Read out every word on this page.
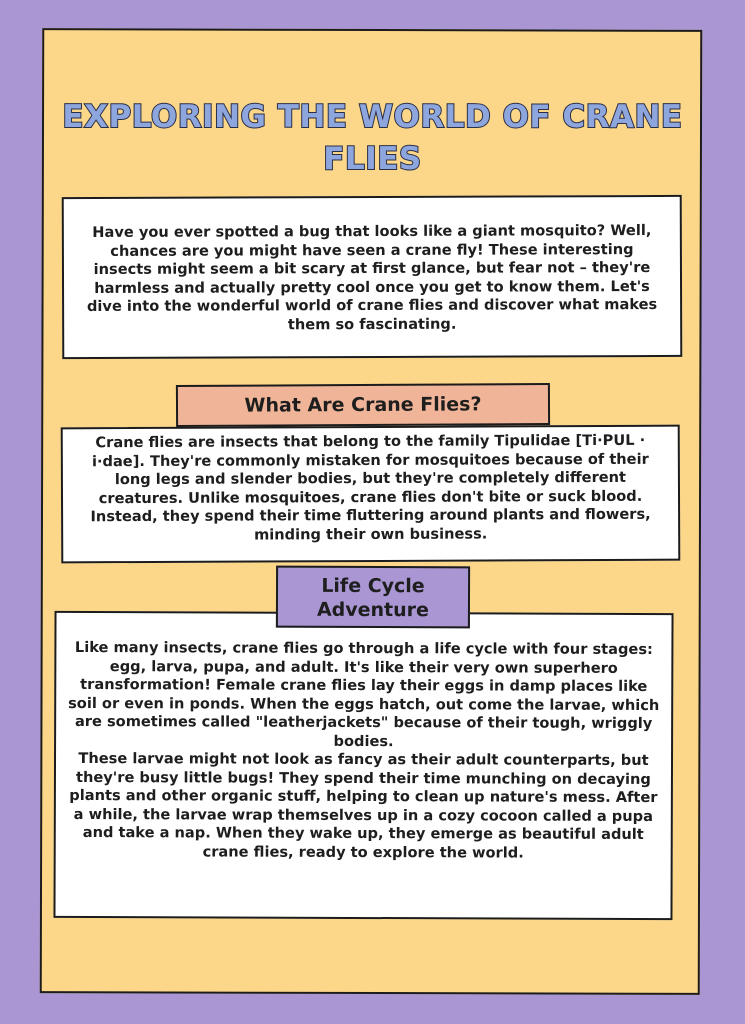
EXPLORING THE WORLD OF CRANE FLIES

Have you ever spotted a bug that looks like a giant mosquito? Well, chances are you might have seen a crane fly! These interesting insects might seem a bit scary at first glance, but fear not – they're harmless and actually pretty cool once you get to know them. Let's dive into the wonderful world of crane flies and discover what makes them so fascinating.

Crane flies are insects that belong to the family Tipulidae [Ti·PUL · i·dae]. They're commonly mistaken for mosquitoes because of their long legs and slender bodies, but they're completely different creatures. Unlike mosquitoes, crane flies don't bite or suck blood. Instead, they spend their time fluttering around plants and flowers, minding their own business.

What Are Crane Flies?

Like many insects, crane flies go through a life cycle with four stages: egg, larva, pupa, and adult. It's like their very own superhero transformation! Female crane flies lay their eggs in damp places like soil or even in ponds. When the eggs hatch, out come the larvae, which are sometimes called "leatherjackets" because of their tough, wriggly bodies.

These larvae might not look as fancy as their adult counterparts, but they're busy little bugs! They spend their time munching on decaying plants and other organic stuff, helping to clean up nature's mess. After a while, the larvae wrap themselves up in a cozy cocoon called a pupa and take a nap. When they wake up, they emerge as beautiful adult crane flies, ready to explore the world.

Life Cycle Adventure
